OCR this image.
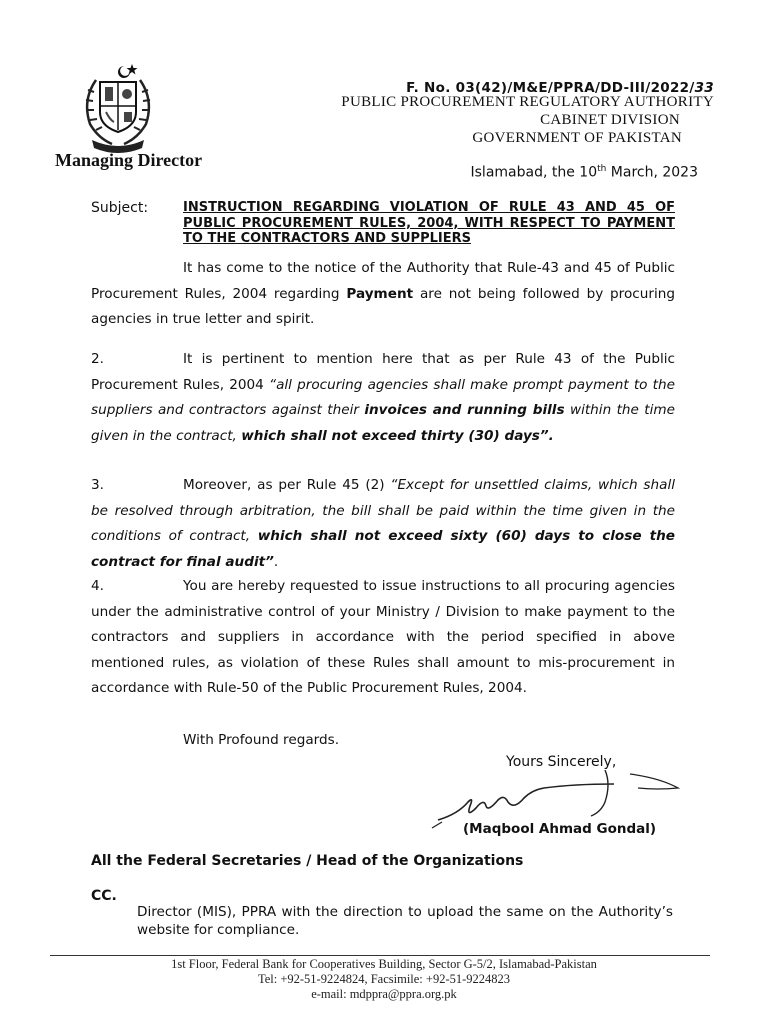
Managing Director
F. No. 03(42)/M&E/PPRA/DD-III/2022/33
PUBLIC PROCUREMENT REGULATORY AUTHORITY
CABINET DIVISION
GOVERNMENT OF PAKISTAN
Islamabad, the 10th March, 2023
Subject:	INSTRUCTION REGARDING VIOLATION OF RULE 43 AND 45 OF PUBLIC PROCUREMENT RULES, 2004, WITH RESPECT TO PAYMENT TO THE CONTRACTORS AND SUPPLIERS
It has come to the notice of the Authority that Rule-43 and 45 of Public Procurement Rules, 2004 regarding Payment are not being followed by procuring agencies in true letter and spirit.
2.	It is pertinent to mention here that as per Rule 43 of the Public Procurement Rules, 2004 “all procuring agencies shall make prompt payment to the suppliers and contractors against their invoices and running bills within the time given in the contract, which shall not exceed thirty (30) days”.
3.	Moreover, as per Rule 45 (2) “Except for unsettled claims, which shall be resolved through arbitration, the bill shall be paid within the time given in the conditions of contract, which shall not exceed sixty (60) days to close the contract for final audit”.
4.	You are hereby requested to issue instructions to all procuring agencies under the administrative control of your Ministry / Division to make payment to the contractors and suppliers in accordance with the period specified in above mentioned rules, as violation of these Rules shall amount to mis-procurement in accordance with Rule-50 of the Public Procurement Rules, 2004.
With Profound regards.
Yours Sincerely,
(Maqbool Ahmad Gondal)
All the Federal Secretaries / Head of the Organizations
CC.
Director (MIS), PPRA with the direction to upload the same on the Authority’s website for compliance.
1st Floor, Federal Bank for Cooperatives Building, Sector G-5/2, Islamabad-Pakistan
Tel: +92-51-9224824, Facsimile: +92-51-9224823
e-mail: mdppra@ppra.org.pk
